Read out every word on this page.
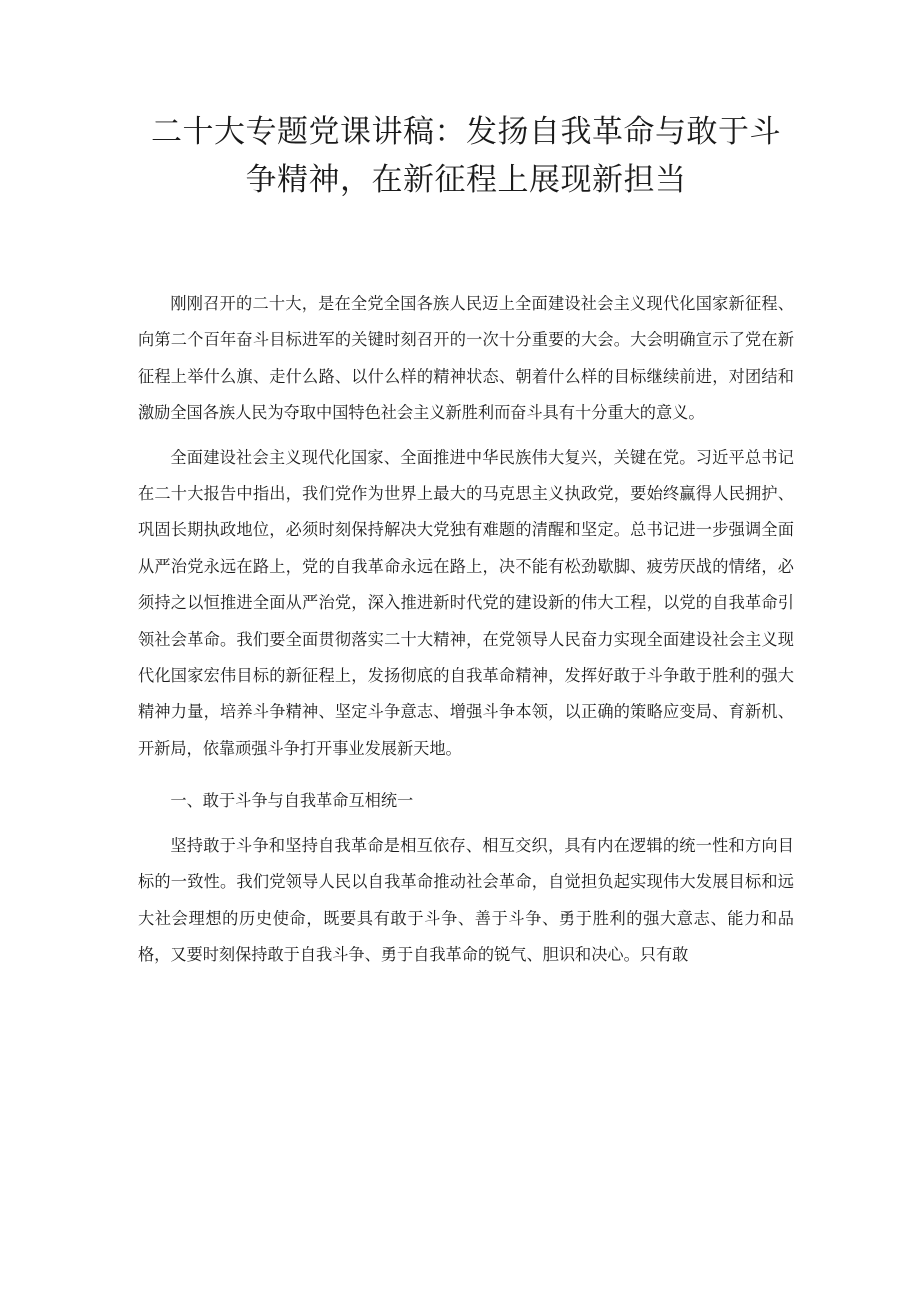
二十大专题党课讲稿：发扬自我革命与敢于斗争精神，在新征程上展现新担当

刚刚召开的二十大，是在全党全国各族人民迈上全面建设社会主义现代化国家新征程、向第二个百年奋斗目标进军的关键时刻召开的一次十分重要的大会。大会明确宣示了党在新征程上举什么旗、走什么路、以什么样的精神状态、朝着什么样的目标继续前进，对团结和激励全国各族人民为夺取中国特色社会主义新胜利而奋斗具有十分重大的意义。

全面建设社会主义现代化国家、全面推进中华民族伟大复兴，关键在党。习近平总书记在二十大报告中指出，我们党作为世界上最大的马克思主义执政党，要始终赢得人民拥护、巩固长期执政地位，必须时刻保持解决大党独有难题的清醒和坚定。总书记进一步强调全面从严治党永远在路上，党的自我革命永远在路上，决不能有松劲歇脚、疲劳厌战的情绪，必须持之以恒推进全面从严治党，深入推进新时代党的建设新的伟大工程，以党的自我革命引领社会革命。我们要全面贯彻落实二十大精神，在党领导人民奋力实现全面建设社会主义现代化国家宏伟目标的新征程上，发扬彻底的自我革命精神，发挥好敢于斗争敢于胜利的强大精神力量，培养斗争精神、坚定斗争意志、增强斗争本领，以正确的策略应变局、育新机、开新局，依靠顽强斗争打开事业发展新天地。

一、敢于斗争与自我革命互相统一

坚持敢于斗争和坚持自我革命是相互依存、相互交织，具有内在逻辑的统一性和方向目标的一致性。我们党领导人民以自我革命推动社会革命，自觉担负起实现伟大发展目标和远大社会理想的历史使命，既要具有敢于斗争、善于斗争、勇于胜利的强大意志、能力和品格，又要时刻保持敢于自我斗争、勇于自我革命的锐气、胆识和决心。只有敢
